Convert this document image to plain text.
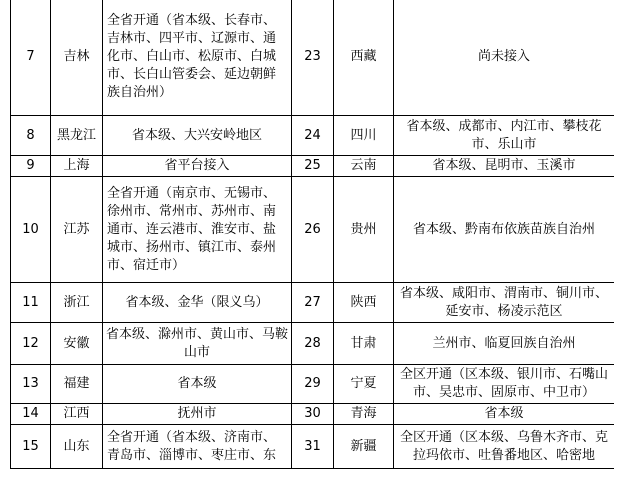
7	吉林	全省开通（省本级、长春市、吉林市、四平市、辽源市、通化市、白山市、松原市、白城市、长白山管委会、延边朝鲜族自治州）	23	西藏	尚未接入
8	黑龙江	省本级、大兴安岭地区	24	四川	省本级、成都市、内江市、攀枝花市、乐山市
9	上海	省平台接入	25	云南	省本级、昆明市、玉溪市
10	江苏	全省开通（南京市、无锡市、徐州市、常州市、苏州市、南通市、连云港市、淮安市、盐城市、扬州市、镇江市、泰州市、宿迁市）	26	贵州	省本级、黔南布依族苗族自治州
11	浙江	省本级、金华（限义乌）	27	陕西	省本级、咸阳市、渭南市、铜川市、延安市、杨凌示范区
12	安徽	省本级、滁州市、黄山市、马鞍山市	28	甘肃	兰州市、临夏回族自治州
13	福建	省本级	29	宁夏	全区开通（区本级、银川市、石嘴山市、吴忠市、固原市、中卫市）
14	江西	抚州市	30	青海	省本级
15	山东	全省开通（省本级、济南市、青岛市、淄博市、枣庄市、东	31	新疆	全区开通（区本级、乌鲁木齐市、克拉玛依市、吐鲁番地区、哈密地
